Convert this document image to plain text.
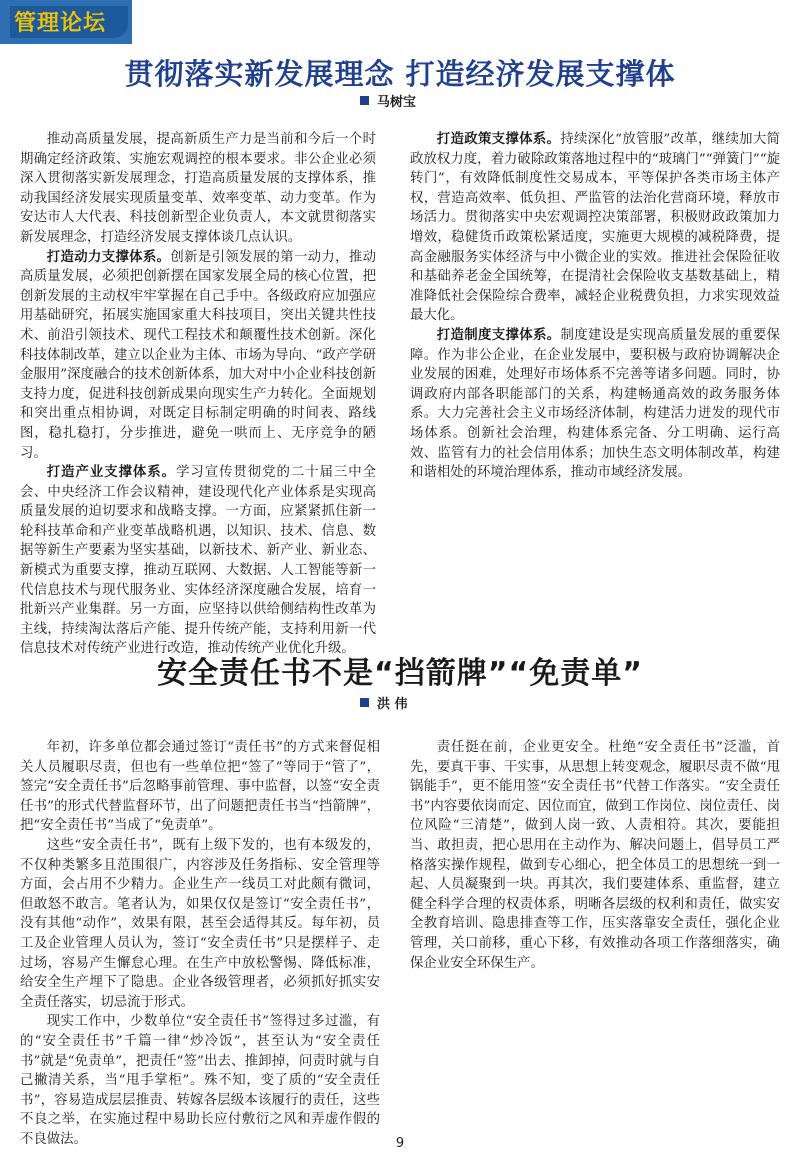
管理论坛
贯彻落实新发展理念 打造经济发展支撑体
马树宝

推动高质量发展，提高新质生产力是当前和今后一个时期确定经济政策、实施宏观调控的根本要求。非公企业必须深入贯彻落实新发展理念，打造高质量发展的支撑体系，推动我国经济发展实现质量变革、效率变革、动力变革。作为安达市人大代表、科技创新型企业负责人，本文就贯彻落实新发展理念，打造经济发展支撑体谈几点认识。

打造动力支撑体系。创新是引领发展的第一动力，推动高质量发展，必须把创新摆在国家发展全局的核心位置，把创新发展的主动权牢牢掌握在自己手中。各级政府应加强应用基础研究，拓展实施国家重大科技项目，突出关键共性技术、前沿引领技术、现代工程技术和颠覆性技术创新。深化科技体制改革，建立以企业为主体、市场为导向、“政产学研金服用”深度融合的技术创新体系，加大对中小企业科技创新支持力度，促进科技创新成果向现实生产力转化。全面规划和突出重点相协调，对既定目标制定明确的时间表、路线图，稳扎稳打，分步推进，避免一哄而上、无序竞争的陋习。

打造产业支撑体系。学习宣传贯彻党的二十届三中全会、中央经济工作会议精神，建设现代化产业体系是实现高质量发展的迫切要求和战略支撑。一方面，应紧紧抓住新一轮科技革命和产业变革战略机遇，以知识、技术、信息、数据等新生产要素为坚实基础，以新技术、新产业、新业态、新模式为重要支撑，推动互联网、大数据、人工智能等新一代信息技术与现代服务业、实体经济深度融合发展，培育一批新兴产业集群。另一方面，应坚持以供给侧结构性改革为主线，持续淘汰落后产能、提升传统产能，支持利用新一代信息技术对传统产业进行改造，推动传统产业优化升级。

打造政策支撑体系。持续深化“放管服”改革，继续加大简政放权力度，着力破除政策落地过程中的“玻璃门”“弹簧门”“旋转门”，有效降低制度性交易成本，平等保护各类市场主体产权，营造高效率、低负担、严监管的法治化营商环境，释放市场活力。贯彻落实中央宏观调控决策部署，积极财政政策加力增效，稳健货币政策松紧适度，实施更大规模的减税降费，提高金融服务实体经济与中小微企业的实效。推进社会保险征收和基础养老金全国统筹，在提清社会保险收支基数基础上，精准降低社会保险综合费率，减轻企业税费负担，力求实现效益最大化。

打造制度支撑体系。制度建设是实现高质量发展的重要保障。作为非公企业，在企业发展中，要积极与政府协调解决企业发展的困难，处理好市场体系不完善等诸多问题。同时，协调政府内部各职能部门的关系，构建畅通高效的政务服务体系。大力完善社会主义市场经济体制，构建活力迸发的现代市场体系。创新社会治理，构建体系完备、分工明确、运行高效、监管有力的社会信用体系；加快生态文明体制改革，构建和谐相处的环境治理体系，推动市域经济发展。

安全责任书不是“挡箭牌”“免责单”
洪 伟

年初，许多单位都会通过签订“责任书”的方式来督促相关人员履职尽责，但也有一些单位把“签了”等同于“管了”，签完“安全责任书”后忽略事前管理、事中监督，以签“安全责任书”的形式代替监督环节，出了问题把责任书当“挡箭牌”，把“安全责任书”当成了“免责单”。

这些“安全责任书”，既有上级下发的，也有本级发的，不仅种类繁多且范围很广，内容涉及任务指标、安全管理等方面，会占用不少精力。企业生产一线员工对此颇有微词，但敢怒不敢言。笔者认为，如果仅仅是签订“安全责任书”，没有其他“动作”，效果有限，甚至会适得其反。每年初，员工及企业管理人员认为，签订“安全责任书”只是摆样子、走过场，容易产生懈怠心理。在生产中放松警惕、降低标准，给安全生产埋下了隐患。企业各级管理者，必须抓好抓实安全责任落实，切忌流于形式。

现实工作中，少数单位“安全责任书”签得过多过滥，有的“安全责任书”千篇一律“炒冷饭”，甚至认为“安全责任书”就是“免责单”，把责任“签”出去、推卸掉，问责时就与自己撇清关系，当“甩手掌柜”。殊不知，变了质的“安全责任书”，容易造成层层推责、转嫁各层级本该履行的责任，这些不良之举，在实施过程中易助长应付敷衍之风和弄虚作假的不良做法。

责任挺在前，企业更安全。杜绝“安全责任书”泛滥，首先，要真干事、干实事，从思想上转变观念，履职尽责不做“甩锅能手”，更不能用签“安全责任书”代替工作落实。“安全责任书”内容要依岗而定、因位而宜，做到工作岗位、岗位责任、岗位风险“三清楚”，做到人岗一致、人责相符。其次，要能担当、敢担责，把心思用在主动作为、解决问题上，倡导员工严格落实操作规程，做到专心细心，把全体员工的思想统一到一起、人员凝聚到一块。再其次，我们要建体系、重监督，建立健全科学合理的权责体系，明晰各层级的权利和责任，做实安全教育培训、隐患排查等工作，压实落靠安全责任，强化企业管理，关口前移，重心下移，有效推动各项工作落细落实，确保企业安全环保生产。

9
